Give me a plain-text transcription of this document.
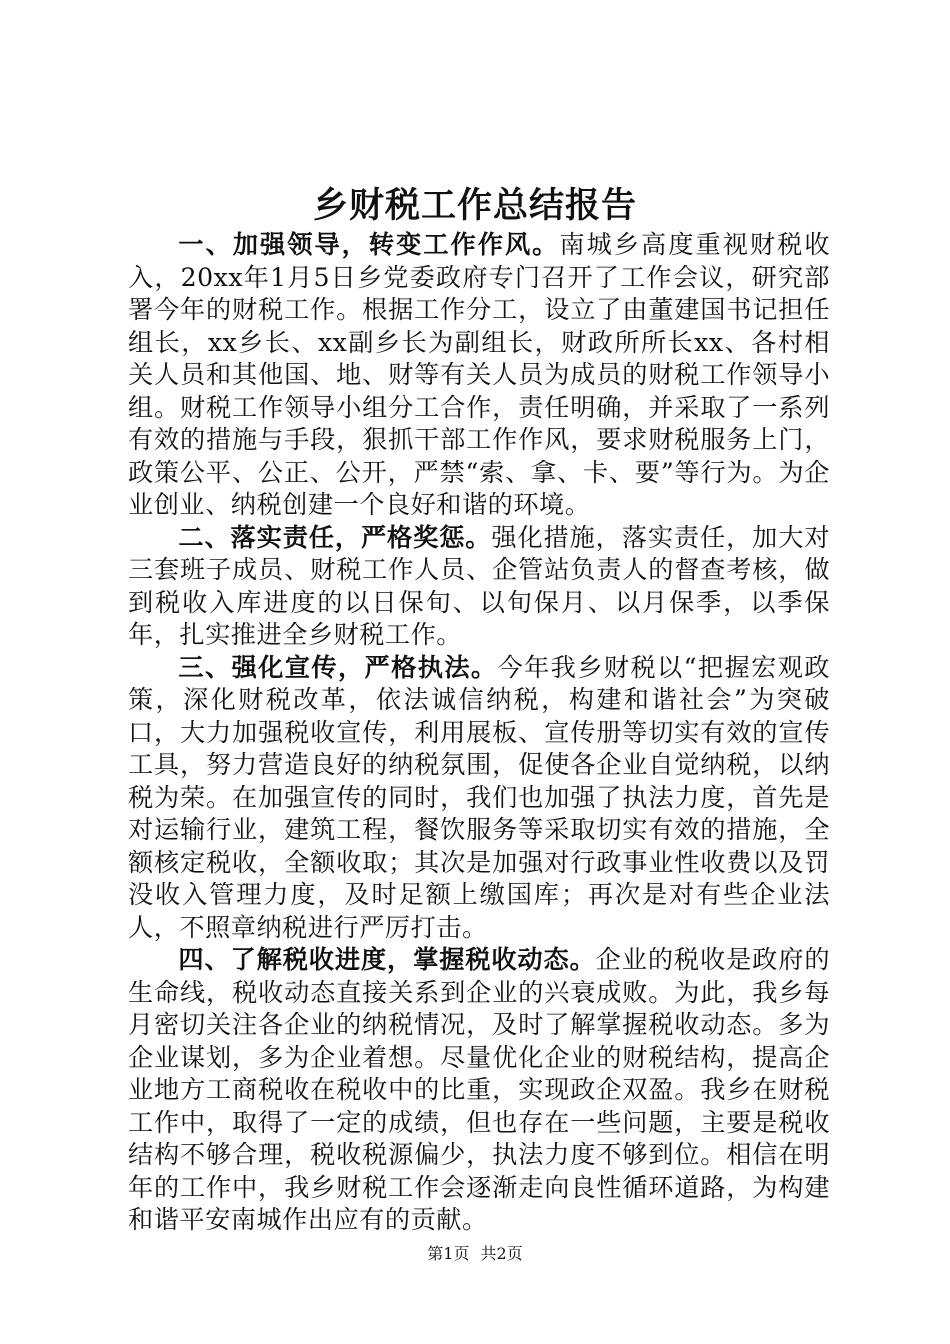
乡财税工作总结报告

一、加强领导，转变工作作风。南城乡高度重视财税收入，20xx年1月5日乡党委政府专门召开了工作会议，研究部署今年的财税工作。根据工作分工，设立了由董建国书记担任组长，xx乡长、xx副乡长为副组长，财政所所长xx、各村相关人员和其他国、地、财等有关人员为成员的财税工作领导小组。财税工作领导小组分工合作，责任明确，并采取了一系列有效的措施与手段，狠抓干部工作作风，要求财税服务上门，政策公平、公正、公开，严禁“索、拿、卡、要”等行为。为企业创业、纳税创建一个良好和谐的环境。

二、落实责任，严格奖惩。强化措施，落实责任，加大对三套班子成员、财税工作人员、企管站负责人的督查考核，做到税收入库进度的以日保旬、以旬保月、以月保季，以季保年，扎实推进全乡财税工作。

三、强化宣传，严格执法。今年我乡财税以“把握宏观政策，深化财税改革，依法诚信纳税，构建和谐社会”为突破口，大力加强税收宣传，利用展板、宣传册等切实有效的宣传工具，努力营造良好的纳税氛围，促使各企业自觉纳税，以纳税为荣。在加强宣传的同时，我们也加强了执法力度，首先是对运输行业，建筑工程，餐饮服务等采取切实有效的措施，全额核定税收，全额收取；其次是加强对行政事业性收费以及罚没收入管理力度，及时足额上缴国库；再次是对有些企业法人，不照章纳税进行严厉打击。

四、了解税收进度，掌握税收动态。企业的税收是政府的生命线，税收动态直接关系到企业的兴衰成败。为此，我乡每月密切关注各企业的纳税情况，及时了解掌握税收动态。多为企业谋划，多为企业着想。尽量优化企业的财税结构，提高企业地方工商税收在税收中的比重，实现政企双盈。我乡在财税工作中，取得了一定的成绩，但也存在一些问题，主要是税收结构不够合理，税收税源偏少，执法力度不够到位。相信在明年的工作中，我乡财税工作会逐渐走向良性循环道路，为构建和谐平安南城作出应有的贡献。

第1页 共2页
